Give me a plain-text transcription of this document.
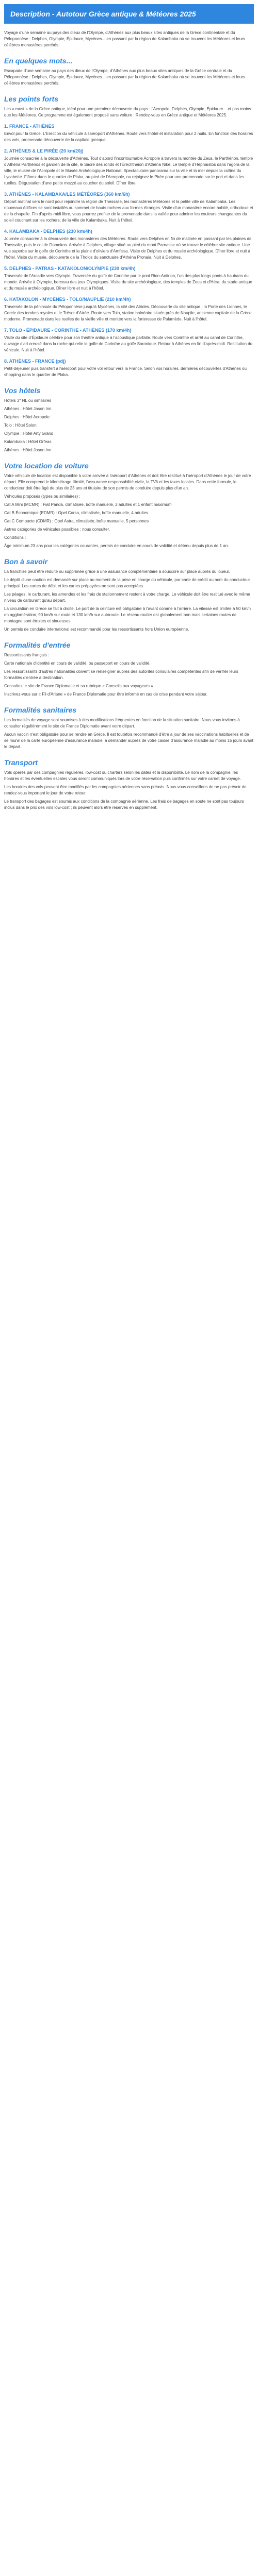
Description - Autotour Grèce antique & Météores 2025

Voyage d'une semaine au pays des dieux de l'Olympe, d'Athènes aux plus beaux sites antiques de la Grèce continentale et du Péloponnèse : Delphes, Olympie, Épidaure, Mycènes... en passant par la région de Kalambaka où se trouvent les Météores et leurs célèbres monastères perchés.

En quelques mots...

Escapade d'une semaine au pays des dieux de l'Olympe, d'Athènes aux plus beaux sites antiques de la Grèce centrale et du Péloponnèse : Delphes, Olympie, Épidaure, Mycènes... en passant par la région de Kalambaka où se trouvent les Météores et leurs célèbres monastères perchés.

Les points forts

Les « must » de la Grèce antique, idéal pour une première découverte du pays : l'Acropole, Delphes, Olympie, Épidaure... et pas moins que les Météores. Ce programme est également proposé sans voiture : Rendez-vous en Grèce antique et Météores 2025.

1. FRANCE - ATHÈNES

Envol pour la Grèce. L'Erection du véhicule à l'aéroport d'Athènes. Route vers l'hôtel et installation pour 2 nuits. En fonction des horaires des vols, promenade découverte de la capitale grecque.

2. ATHÈNES & LE PIRÉE (20 km/20j)

Journée consacrée à la découverte d'Athènes. Tout d'abord l'incontournable Acropole à travers la montée du Zeus, le Parthénon, temple d'Athéna Parthénos et gardien de la cité, le Sacre des ronds et l'Érechthéion d'Athéna Niké. Le temple d'Héphaïstos dans l'agora de la ville, le musée de l'Acropole et le Musée Archéologique National. Spectaculaire panorama sur la ville et la mer depuis la colline du Lycabette. Flânez dans le quartier de Plaka, au pied de l'Acropole, ou rejoignez le Pirée pour une promenade sur le port et dans les ruelles. Dégustation d'une petite mezzé au coucher du soleil. Dîner libre.

3. ATHÈNES - KALAMBAKA/LES MÉTÉORES (360 km/6h)

Départ matinal vers le nord pour rejoindre la région de Thessalie, les monastères Météores et la petite ville de Kalambaka. Les nouveaux édifices se sont installés au sommet de hauts rochers aux formes étranges. Visite d'un monastère encore habité, orthodoxe et de la chapelle. Fin d'après-midi libre, vous pourrez profiter de la promenade dans la vallée pour admirer les couleurs changeantes du soleil couchant sur les rochers, de la ville de Kalambaka. Nuit à l'hôtel.

4. KALAMBAKA - DELPHES (230 km/4h)

Journée consacrée à la découverte des monastères des Météores. Route vers Delphes en fin de matinée en passant par les plaines de Thessalie, puis le col de Domokos. Arrivée à Delphes, village situé au pied du mont Parnasse où se trouve le célèbre site antique. Une vue superbe sur le golfe de Corinthe et la plaine d'oliviers d'Amfissa. Visite de Delphes et du musée archéologique. Dîner libre et nuit à l'hôtel. Visite du musée, découverte de la Tholos du sanctuaire d'Athéna Pronaia. Nuit à Delphes.

5. DELPHES - PATRAS - KATAKOLON/OLYMPIE (230 km/4h)

Traversée de l'Arcadie vers Olympie. Traversée du golfe de Corinthe par le pont Rion-Antirion, l'un des plus longs ponts à haubans du monde. Arrivée à Olympie, berceau des jeux Olympiques. Visite du site archéologique, des temples de Zeus et d'Héra, du stade antique et du musée archéologique. Dîner libre et nuit à l'hôtel.

6. KATAKOLON - MYCÈNES - TOLO/NAUPLIE (210 km/4h)

Traversée de la péninsule du Péloponnèse jusqu'à Mycènes, la cité des Atrides. Découverte du site antique : la Porte des Lionnes, le Cercle des tombes royales et le Trésor d'Atrée. Route vers Tolo, station balnéaire située près de Nauplie, ancienne capitale de la Grèce moderne. Promenade dans les ruelles de la vieille ville et montée vers la forteresse de Palamède. Nuit à l'hôtel.

7. TOLO - ÉPIDAURE - CORINTHE - ATHÈNES (170 km/4h)

Visite du site d'Épidaure célèbre pour son théâtre antique à l'acoustique parfaite. Route vers Corinthe et arrêt au canal de Corinthe, ouvrage d'art creusé dans la roche qui relie le golfe de Corinthe au golfe Saronique. Retour à Athènes en fin d'après-midi. Restitution du véhicule. Nuit à l'hôtel.

8. ATHÈNES - FRANCE (pdj)

Petit-déjeuner puis transfert à l'aéroport pour votre vol retour vers la France. Selon vos horaires, dernières découvertes d'Athènes ou shopping dans le quartier de Plaka.

Vos hôtels

Hôtels 3* NL ou similaires

Athènes : Hôtel Jason Inn

Delphes : Hôtel Acropole

Tolo : Hôtel Solon

Olympie : Hôtel Arty Grand

Kalambaka : Hôtel Orfeas

Athènes : Hôtel Jason Inn

Votre location de voiture

Votre véhicule de location est disponible à votre arrivée à l'aéroport d'Athènes et doit être restitué à l'aéroport d'Athènes le jour de votre départ. Elle comprend le kilométrage illimité, l'assurance responsabilité civile, la TVA et les taxes locales. Dans cette formule, le conducteur doit être âgé de plus de 23 ans et titulaire de son permis de conduire depuis plus d'un an.

Véhicules proposés (types ou similaires) :

Cat A Mini (MCMR) : Fiat Panda, climatisée, boîte manuelle, 2 adultes et 1 enfant maximum

Cat B Économique (EDMR) : Opel Corsa, climatisée, boîte manuelle, 4 adultes

Cat C Compacte (CDMR) : Opel Astra, climatisée, boîte manuelle, 5 personnes

Autres catégories de véhicules possibles : nous consulter.

Conditions :

Âge minimum 23 ans pour les catégories courantes, permis de conduire en cours de validité et détenu depuis plus de 1 an.

Bon à savoir

La franchise peut être réduite ou supprimée grâce à une assurance complémentaire à souscrire sur place auprès du loueur.

Le dépôt d'une caution est demandé sur place au moment de la prise en charge du véhicule, par carte de crédit au nom du conducteur principal. Les cartes de débit et les cartes prépayées ne sont pas acceptées.

Les péages, le carburant, les amendes et les frais de stationnement restent à votre charge. Le véhicule doit être restitué avec le même niveau de carburant qu'au départ.

La circulation en Grèce se fait à droite. Le port de la ceinture est obligatoire à l'avant comme à l'arrière. La vitesse est limitée à 50 km/h en agglomération, 90 km/h sur route et 130 km/h sur autoroute. Le réseau routier est globalement bon mais certaines routes de montagne sont étroites et sinueuses.

Un permis de conduire international est recommandé pour les ressortissants hors Union européenne.

Formalités d'entrée

Ressortissants français :

Carte nationale d'identité en cours de validité, ou passeport en cours de validité.

Les ressortissants d'autres nationalités doivent se renseigner auprès des autorités consulaires compétentes afin de vérifier leurs formalités d'entrée à destination.

Consultez le site de France Diplomatie et sa rubrique « Conseils aux voyageurs ».

Inscrivez-vous sur « Fil d'Ariane » de France Diplomatie pour être informé en cas de crise pendant votre séjour.

Formalités sanitaires

Les formalités de voyage sont soumises à des modifications fréquentes en fonction de la situation sanitaire. Nous vous invitons à consulter régulièrement le site de France Diplomatie avant votre départ.

Aucun vaccin n'est obligatoire pour se rendre en Grèce. Il est toutefois recommandé d'être à jour de ses vaccinations habituelles et de se munir de la carte européenne d'assurance maladie, à demander auprès de votre caisse d'assurance maladie au moins 15 jours avant le départ.

Transport

Vols opérés par des compagnies régulières, low-cost ou charters selon les dates et la disponibilité. Le nom de la compagnie, les horaires et les éventuelles escales vous seront communiqués lors de votre réservation puis confirmés sur votre carnet de voyage.

Les horaires des vols peuvent être modifiés par les compagnies aériennes sans préavis. Nous vous conseillons de ne pas prévoir de rendez-vous important le jour de votre retour.

Le transport des bagages est soumis aux conditions de la compagnie aérienne. Les frais de bagages en soute ne sont pas toujours inclus dans le prix des vols low-cost ; ils peuvent alors être réservés en supplément.
